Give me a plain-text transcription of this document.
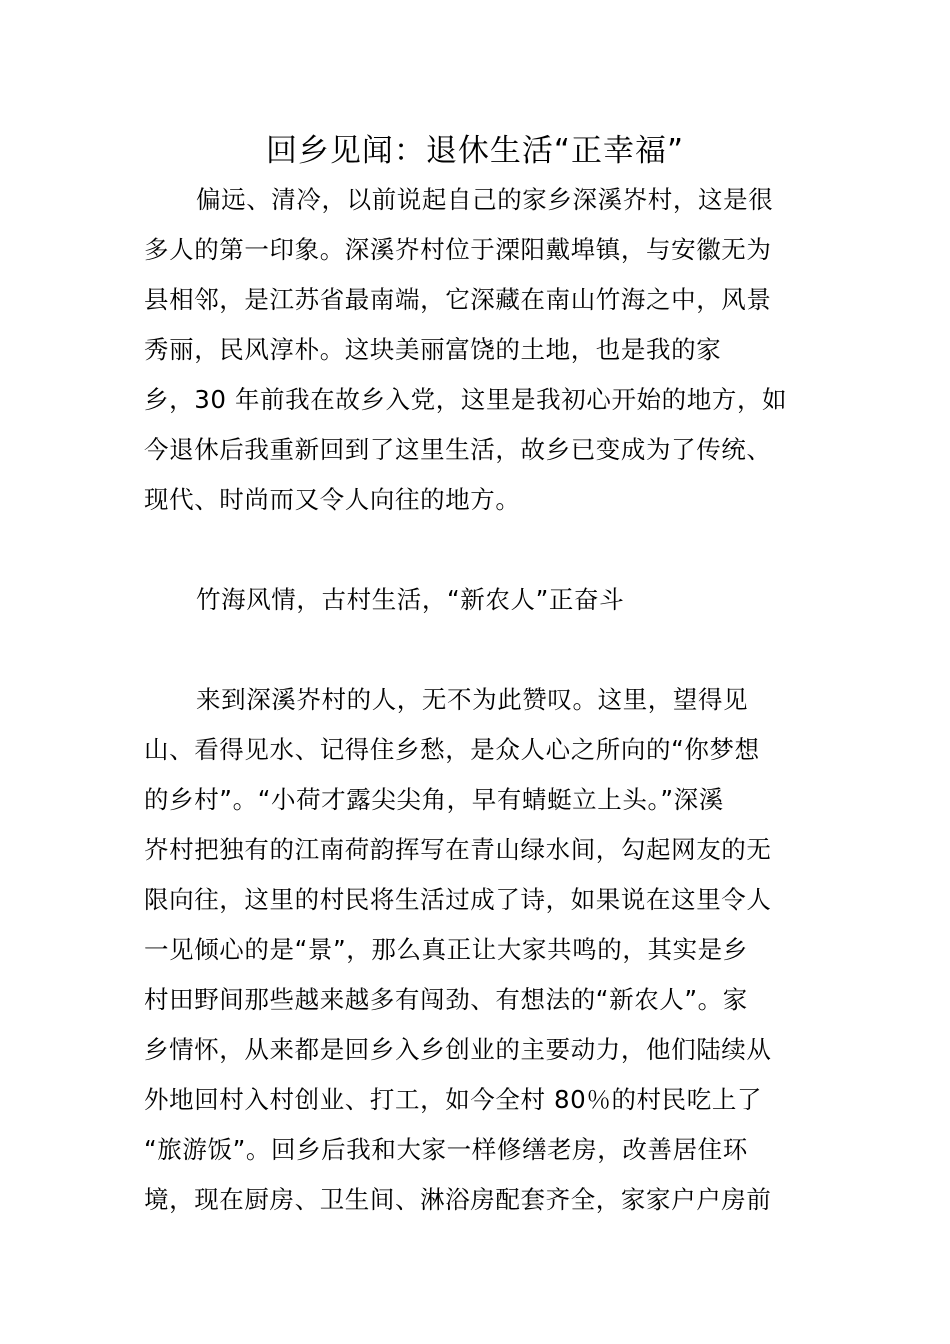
回乡见闻：退休生活“正幸福”
偏远、清冷，以前说起自己的家乡深溪岕村，这是很
多人的第一印象。深溪岕村位于溧阳戴埠镇，与安徽无为
县相邻，是江苏省最南端，它深藏在南山竹海之中，风景
秀丽，民风淳朴。这块美丽富饶的土地，也是我的家
乡，30 年前我在故乡入党，这里是我初心开始的地方，如
今退休后我重新回到了这里生活，故乡已变成为了传统、
现代、时尚而又令人向往的地方。
竹海风情，古村生活，“新农人”正奋斗
来到深溪岕村的人，无不为此赞叹。这里，望得见
山、看得见水、记得住乡愁，是众人心之所向的“你梦想
的乡村”。“小荷才露尖尖角，早有蜻蜓立上头。”深溪
岕村把独有的江南荷韵挥写在青山绿水间，勾起网友的无
限向往，这里的村民将生活过成了诗，如果说在这里令人
一见倾心的是“景”，那么真正让大家共鸣的，其实是乡
村田野间那些越来越多有闯劲、有想法的“新农人”。家
乡情怀，从来都是回乡入乡创业的主要动力，他们陆续从
外地回村入村创业、打工，如今全村 80％的村民吃上了
“旅游饭”。回乡后我和大家一样修缮老房，改善居住环
境，现在厨房、卫生间、淋浴房配套齐全，家家户户房前
